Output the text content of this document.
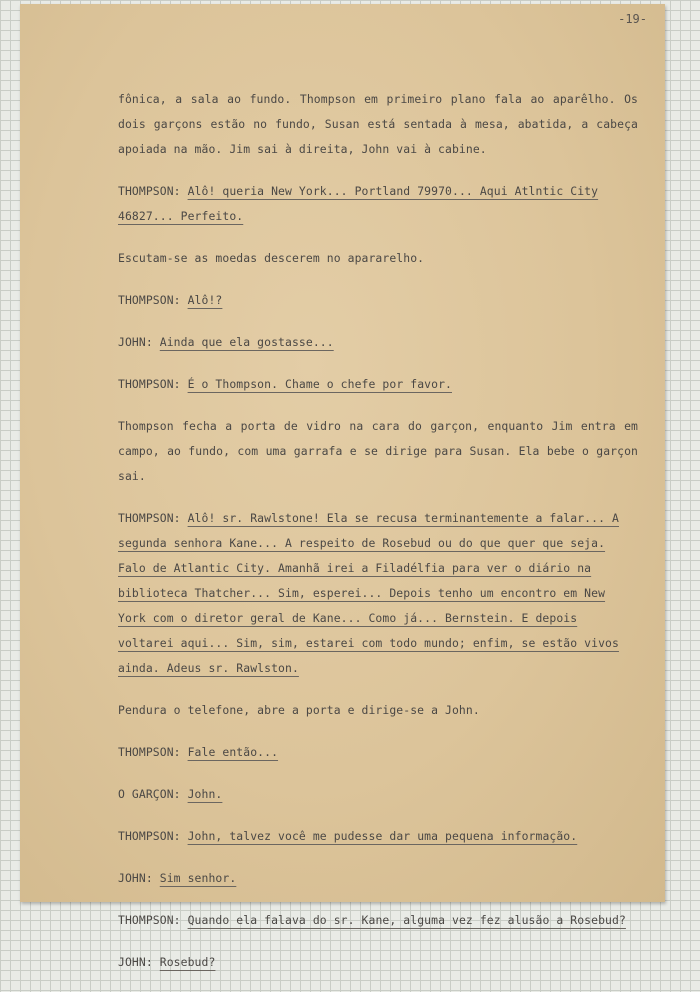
-19-
fônica, a sala ao fundo. Thompson em primeiro plano fala ao aparêlho. Os dois garçons estão no fundo, Susan está sentada à mesa, abatida, a cabeça apoiada na mão. Jim sai à direita, John vai à cabine.
THOMPSON: Alô! queria New York... Portland 79970... Aqui Atlntic City 46827... Perfeito.
Escutam-se as moedas descerem no apararelho.
THOMPSON: Alô!?
JOHN: Ainda que ela gostasse...
THOMPSON: É o Thompson. Chame o chefe por favor.
Thompson fecha a porta de vidro na cara do garçon, enquanto Jim entra em campo, ao fundo, com uma garrafa e se dirige para Susan. Ela bebe o garçon sai.
THOMPSON: Alô! sr. Rawlstone! Ela se recusa terminantemente a falar... A segunda senhora Kane... A respeito de Rosebud ou do que quer que seja. Falo de Atlantic City. Amanhã irei a Filadélfia para ver o diário na biblioteca Thatcher... Sim, esperei... Depois tenho um encontro em New York com o diretor geral de Kane... Como já... Bernstein. E depois voltarei aqui... Sim, sim, estarei com todo mundo; enfim, se estão vivos ainda. Adeus sr. Rawlston.
Pendura o telefone, abre a porta e dirige-se a John.
THOMPSON: Fale então...
O GARÇON: John.
THOMPSON: John, talvez você me pudesse dar uma pequena informação.
JOHN: Sim senhor.
THOMPSON: Quando ela falava do sr. Kane, alguma vez fez alusão a Rosebud?
JOHN: Rosebud?
